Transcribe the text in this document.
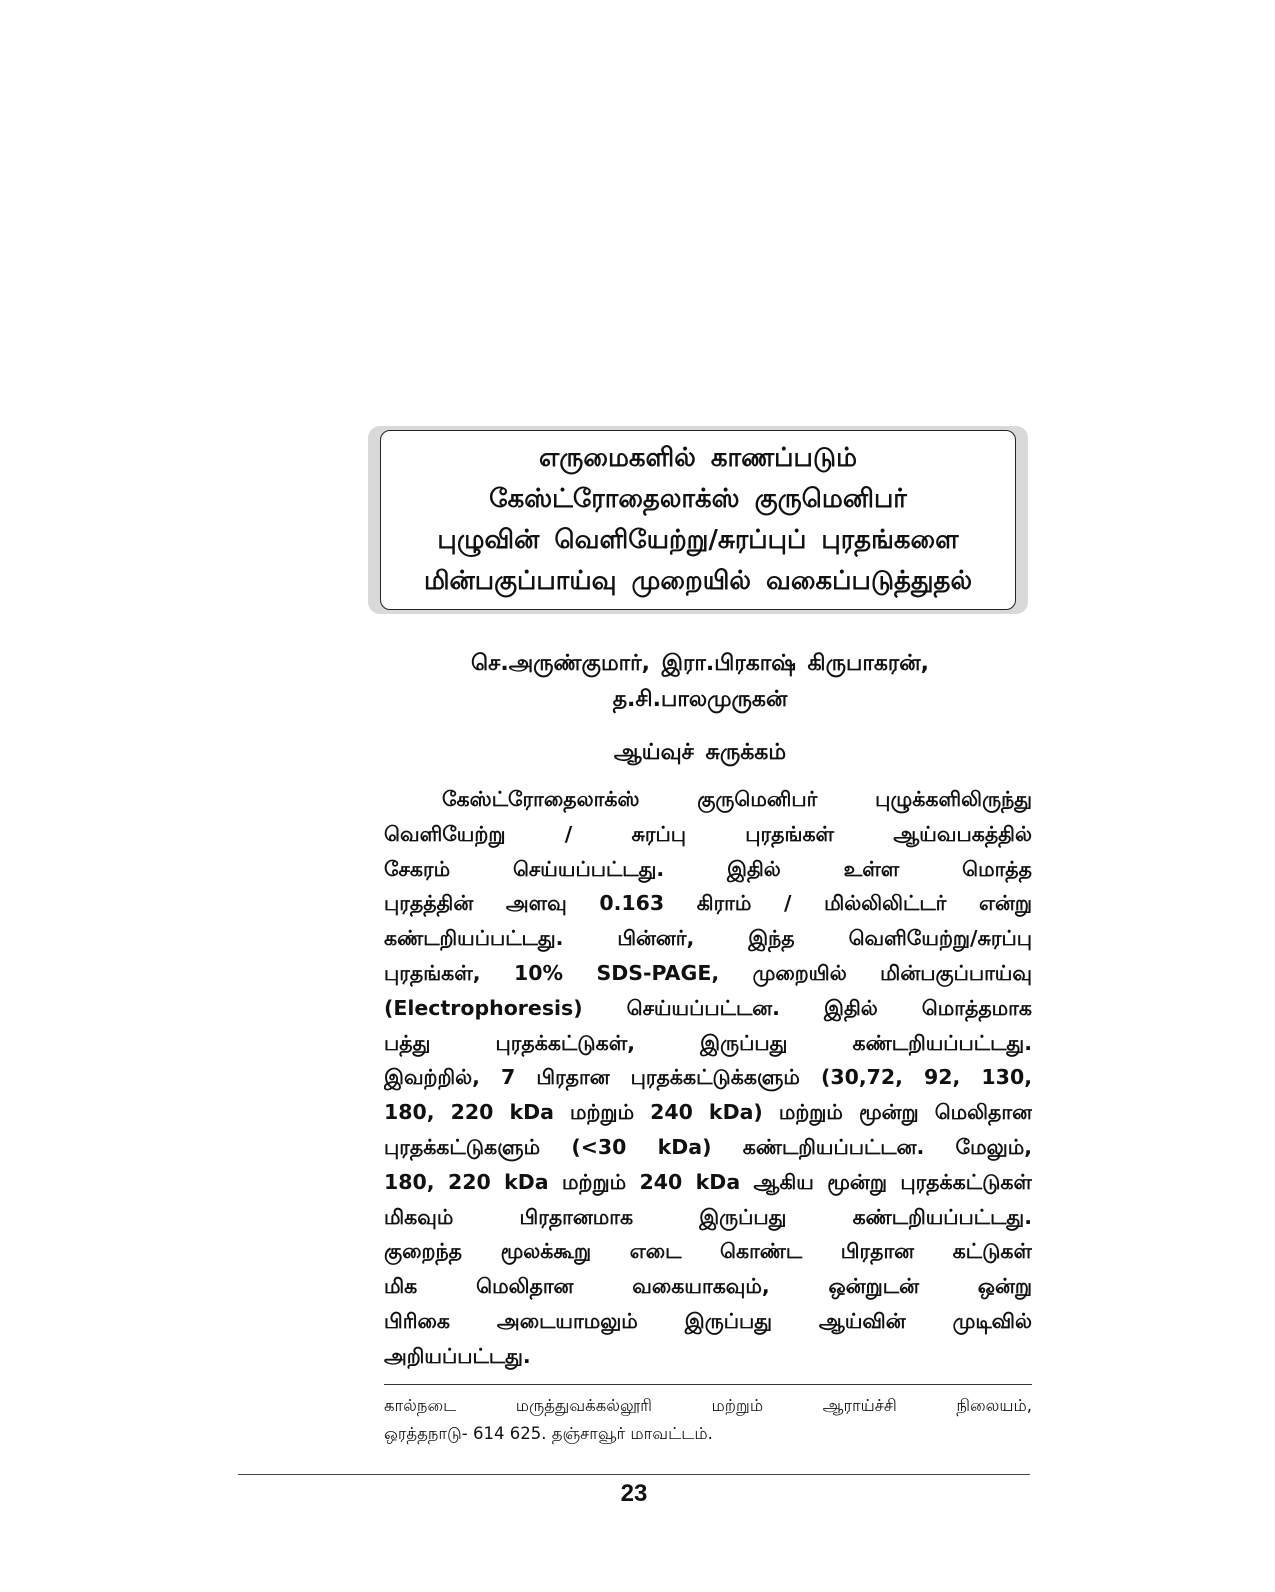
எருமைகளில் காணப்படும்
கேஸ்ட்ரோதைலாக்ஸ் குருமெனிபர்
புழுவின் வெளியேற்று/சுரப்புப் புரதங்களை
மின்பகுப்பாய்வு முறையில் வகைப்படுத்துதல்
செ.அருண்குமார், இரா.பிரகாஷ் கிருபாகரன்,
த.சி.பாலமுருகன்
ஆய்வுச் சுருக்கம்
கேஸ்ட்ரோதைலாக்ஸ் குருமெனிபர் புழுக்களிலிருந்து
வெளியேற்று / சுரப்பு புரதங்கள் ஆய்வபகத்தில்
சேகரம் செய்யப்பட்டது. இதில் உள்ள மொத்த
புரதத்தின் அளவு 0.163 கிராம் / மில்லிலிட்டர் என்று
கண்டறியப்பட்டது. பின்னர், இந்த வெளியேற்று/சுரப்பு
புரதங்கள், 10% SDS-PAGE, முறையில் மின்பகுப்பாய்வு
(Electrophoresis) செய்யப்பட்டன. இதில் மொத்தமாக
பத்து புரதக்கட்டுகள், இருப்பது கண்டறியப்பட்டது.
இவற்றில், 7 பிரதான புரதக்கட்டுக்களும் (30,72, 92, 130,
180, 220 kDa மற்றும் 240 kDa) மற்றும் மூன்று மெலிதான
புரதக்கட்டுகளும் (<30 kDa) கண்டறியப்பட்டன. மேலும்,
180, 220 kDa மற்றும் 240 kDa ஆகிய மூன்று புரதக்கட்டுகள்
மிகவும் பிரதானமாக இருப்பது கண்டறியப்பட்டது.
குறைந்த மூலக்கூறு எடை கொண்ட பிரதான கட்டுகள்
மிக மெலிதான வகையாகவும், ஒன்றுடன் ஒன்று
பிரிகை அடையாமலும் இருப்பது ஆய்வின் முடிவில்
அறியப்பட்டது.
கால்நடை மருத்துவக்கல்லூரி மற்றும் ஆராய்ச்சி நிலையம்,
ஒரத்தநாடு- 614 625. தஞ்சாவூர் மாவட்டம்.
23
